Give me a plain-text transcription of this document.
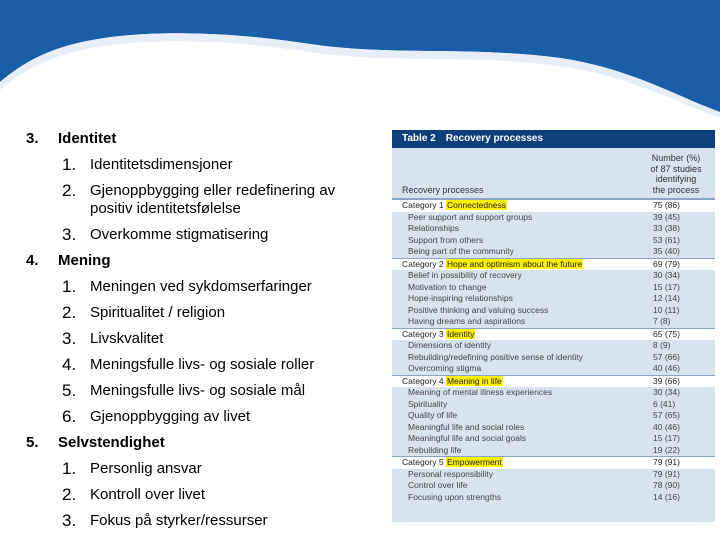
3.	Identitet
1. Identitetsdimensjoner
2. Gjenoppbygging eller redefinering av positiv identitetsfølelse
3. Overkomme stigmatisering
4.	Mening
1. Meningen ved sykdomserfaringer
2. Spiritualitet / religion
3. Livskvalitet
4. Meningsfulle livs- og sosiale roller
5. Meningsfulle livs- og sosiale mål
6. Gjenoppbygging av livet
5.	Selvstendighet
1. Personlig ansvar
2. Kontroll over livet
3. Fokus på styrker/ressurser
Table 2 Recovery processes
Recovery processes
Number (%)
of 87 studies
identifying
the process
Category 1 Connectedness	75 (86)
Peer support and support groups	39 (45)
Relationships	33 (38)
Support from others	53 (61)
Being part of the community	35 (40)
Category 2 Hope and optimism about the future	69 (79)
Belief in possibility of recovery	30 (34)
Motivation to change	15 (17)
Hope-inspiring relationships	12 (14)
Positive thinking and valuing success	10 (11)
Having dreams and aspirations	7 (8)
Category 3 Identity	65 (75)
Dimensions of identity	8 (9)
Rebuilding/redefining positive sense of identity	57 (66)
Overcoming stigma	40 (46)
Category 4 Meaning in life	39 (66)
Meaning of mental illness experiences	30 (34)
Spirituality	6 (41)
Quality of life	57 (65)
Meaningful life and social roles	40 (46)
Meaningful life and social goals	15 (17)
Rebuilding life	19 (22)
Category 5 Empowerment	79 (91)
Personal responsibility	79 (91)
Control over life	78 (90)
Focusing upon strengths	14 (16)
